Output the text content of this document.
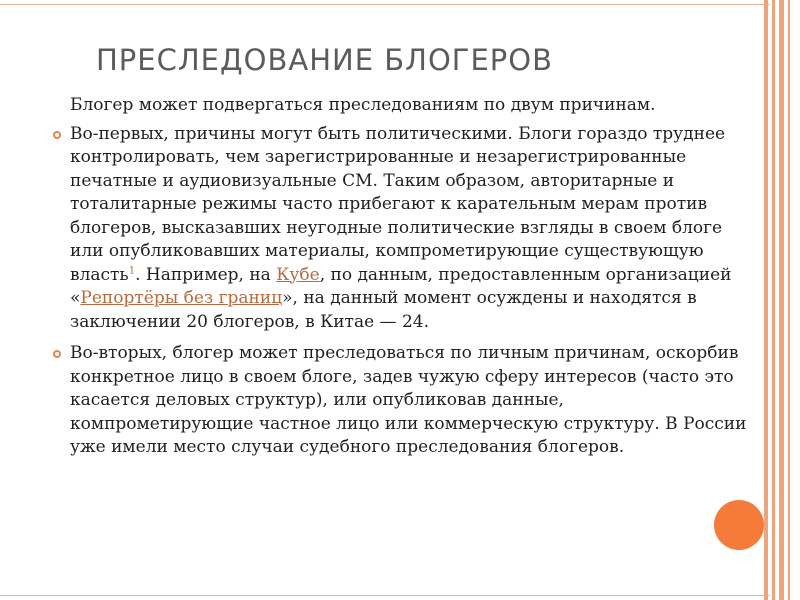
ПРЕСЛЕДОВАНИЕ БЛОГЕРОВ

Блогер может подвергаться преследованиям по двум причинам.

Во-первых, причины могут быть политическими. Блоги гораздо труднее контролировать, чем зарегистрированные и незарегистрированные печатные и аудиовизуальные СМ. Таким образом, авторитарные и тоталитарные режимы часто прибегают к карательным мерам против блогеров, высказавших неугодные политические взгляды в своем блоге или опубликовавших материалы, компрометирующие существующую власть$^1$. Например, на Кубе, по данным, предоставленным организацией «Репортёры без границ», на данный момент осуждены и находятся в заключении 20 блогеров, в Китае — 24.

Во-вторых, блогер может преследоваться по личным причинам, оскорбив конкретное лицо в своем блоге, задев чужую сферу интересов (часто это касается деловых структур), или опубликовав данные, компрометирующие частное лицо или коммерческую структуру. В России уже имели место случаи судебного преследования блогеров.
